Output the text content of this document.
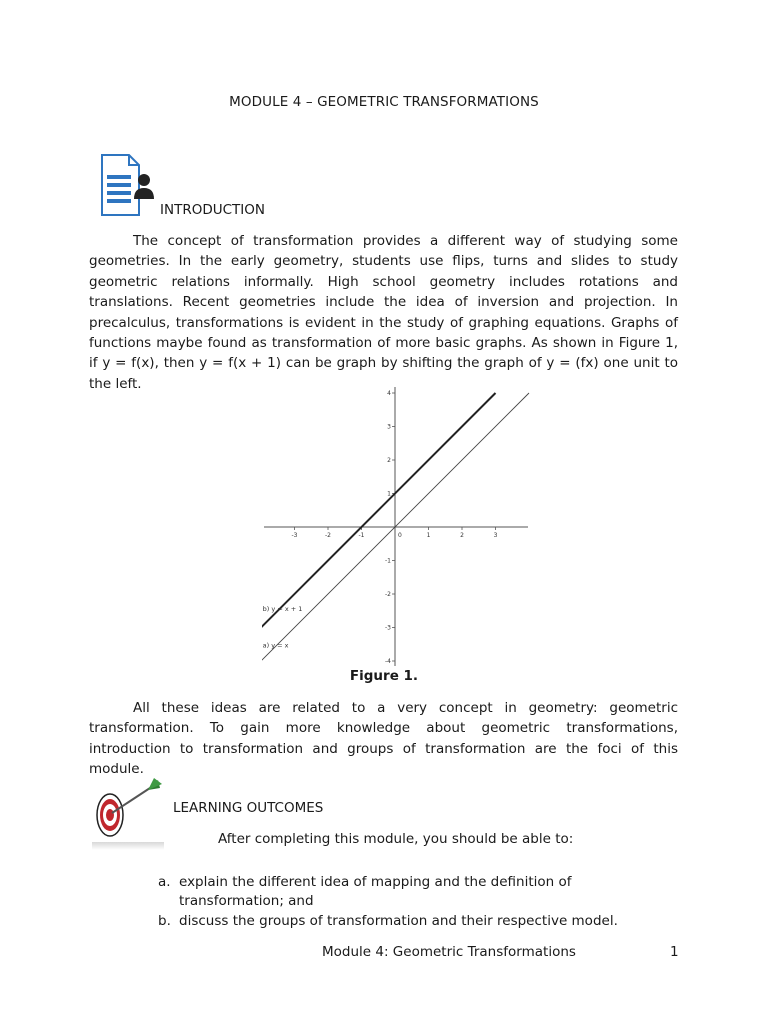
MODULE 4 – GEOMETRIC TRANSFORMATIONS
INTRODUCTION

The concept of transformation provides a different way of studying some geometries. In the early geometry, students use flips, turns and slides to study geometric relations informally. High school geometry includes rotations and translations. Recent geometries include the idea of inversion and projection. In precalculus, transformations is evident in the study of graphing equations. Graphs of functions maybe found as transformation of more basic graphs. As shown in Figure 1, if y = f(x), then y = f(x + 1) can be graph by shifting the graph of y = (fx) one unit to the left.

-3	-2	-1	0	1	2	3
4
3
2
1
-1
-2
-3
-4
b) y = x + 1
a) y = x
Figure 1.

All these ideas are related to a very concept in geometry: geometric transformation. To gain more knowledge about geometric transformations, introduction to transformation and groups of transformation are the foci of this module.

LEARNING OUTCOMES
After completing this module, you should be able to:
a. explain the different idea of mapping and the definition of transformation; and
b. discuss the groups of transformation and their respective model.
Module 4: Geometric Transformations	1
